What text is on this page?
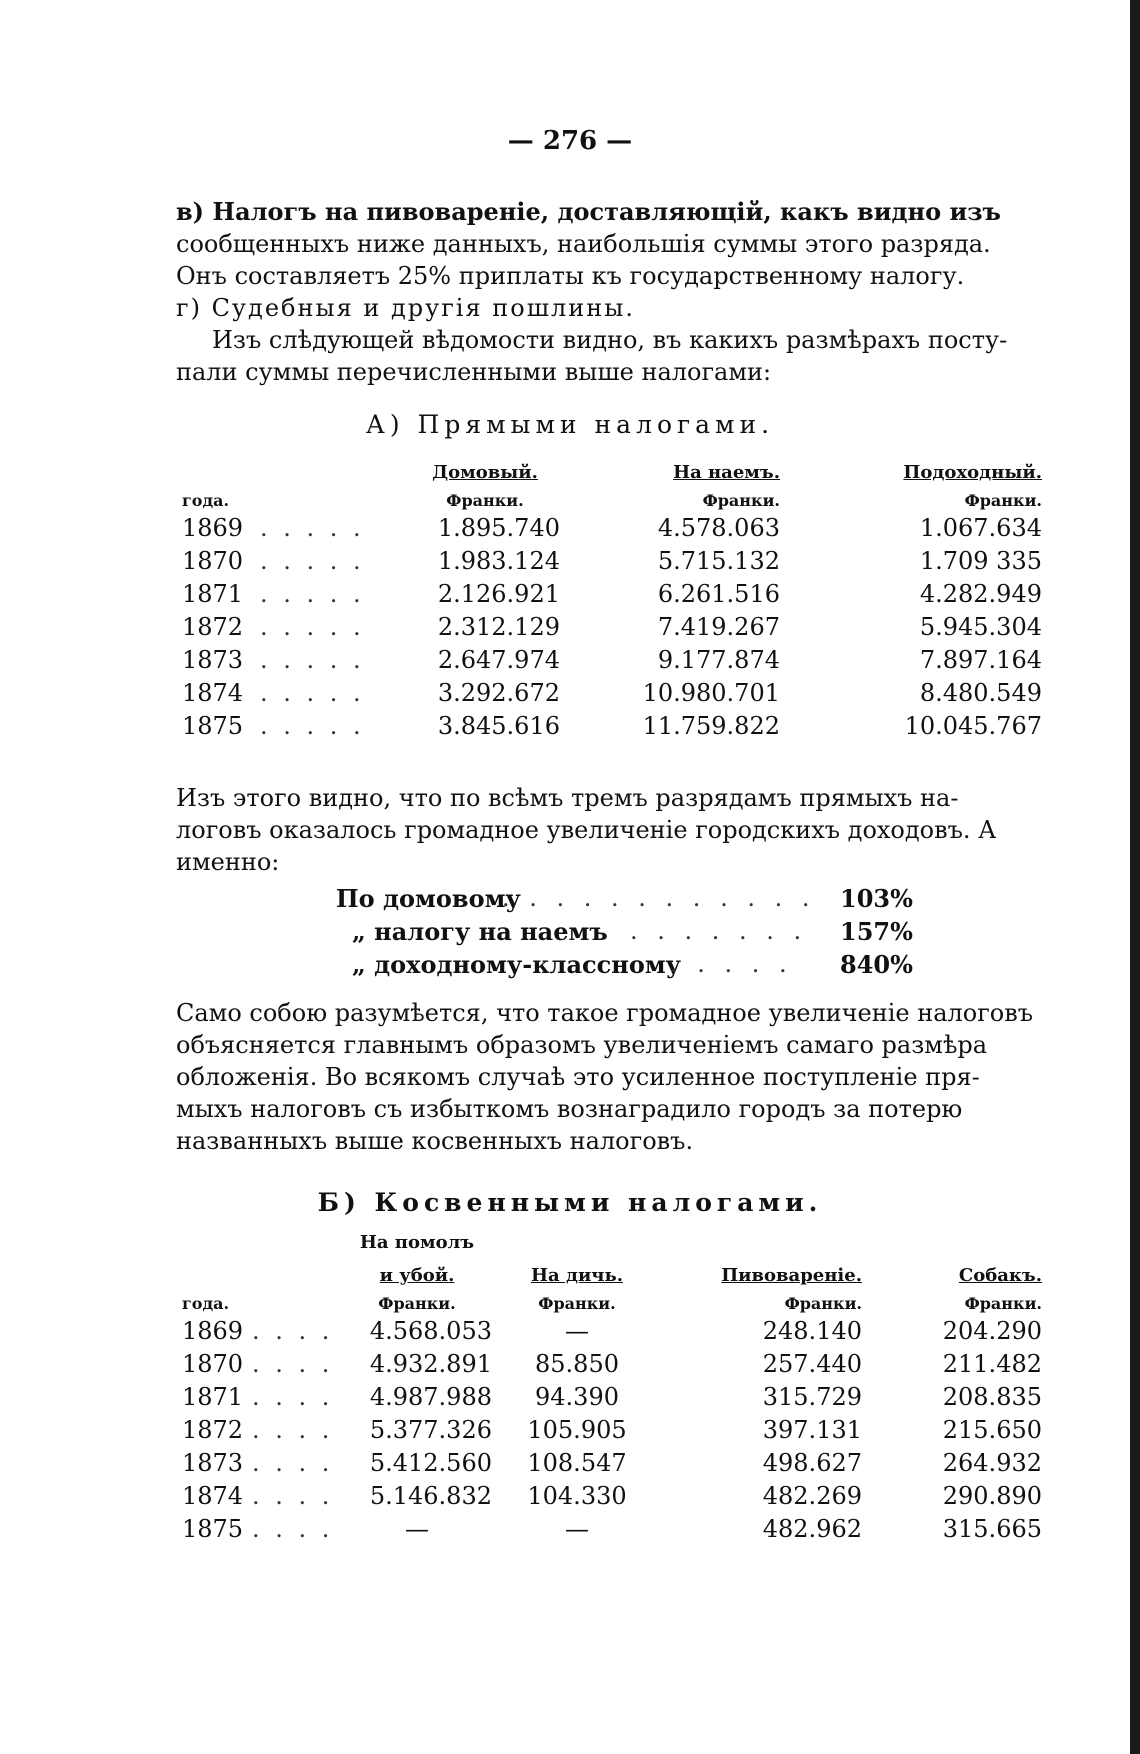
— 276 —
в) Налогъ на пивовареніе, доставляющій, какъ видно изъ
сообщенныхъ ниже данныхъ, наибольшія суммы этого разряда.
Онъ составляетъ 25% приплаты къ государственному налогу.
г) Судебныя и другія пошлины.
Изъ слѣдующей вѣдомости видно, въ какихъ размѣрахъ посту-
пали суммы перечисленными выше налогами:
А) Прямыми налогами.
		Домовый.	На наемъ.	Подоходный.
года.		Франки.	Франки.	Франки.
1869	. . . . .	1.895.740	4.578.063	1.067.634
1870	. . . . .	1.983.124	5.715.132	1.709 335
1871	. . . . .	2.126.921	6.261.516	4.282.949
1872	. . . . .	2.312.129	7.419.267	5.945.304
1873	. . . . .	2.647.974	9.177.874	7.897.164
1874	. . . . .	3.292.672	10.980.701	8.480.549
1875	. . . . .	3.845.616	11.759.822	10.045.767
Изъ этого видно, что по всѣмъ тремъ разрядамъ прямыхъ на-
логовъ оказалось громадное увеличеніе городскихъ доходовъ. А
именно:
По домовому
. . . . . . . . . . . . 103%
„ налогу на наемъ . . . . . . . 157%
„ доходному-классному
. . . . . 840%
Само собою разумѣется, что такое громадное увеличеніе налоговъ
объясняется главнымъ образомъ увеличеніемъ самаго размѣра
обложенія. Во всякомъ случаѣ это усиленное поступленіе пря-
мыхъ налоговъ съ избыткомъ вознаградило городъ за потерю
названныхъ выше косвенныхъ налоговъ.
Б) Косвенными налогами.
		На помолъ			
		и убой.	На дичь.	Пивовареніе.	Собакъ.
года.		Франки.	Франки.	Франки.	Франки.
1869	. . . .	4.568.053	—	248.140	204.290
1870	. . . .	4.932.891	85.850	257.440	211.482
1871	. . . .	4.987.988	94.390	315.729	208.835
1872	. . . .	5.377.326	105.905	397.131	215.650
1873	. . . .	5.412.560	108.547	498.627	264.932
1874	. . . .	5.146.832	104.330	482.269	290.890
1875	. . . .	—	—	482.962	315.665
